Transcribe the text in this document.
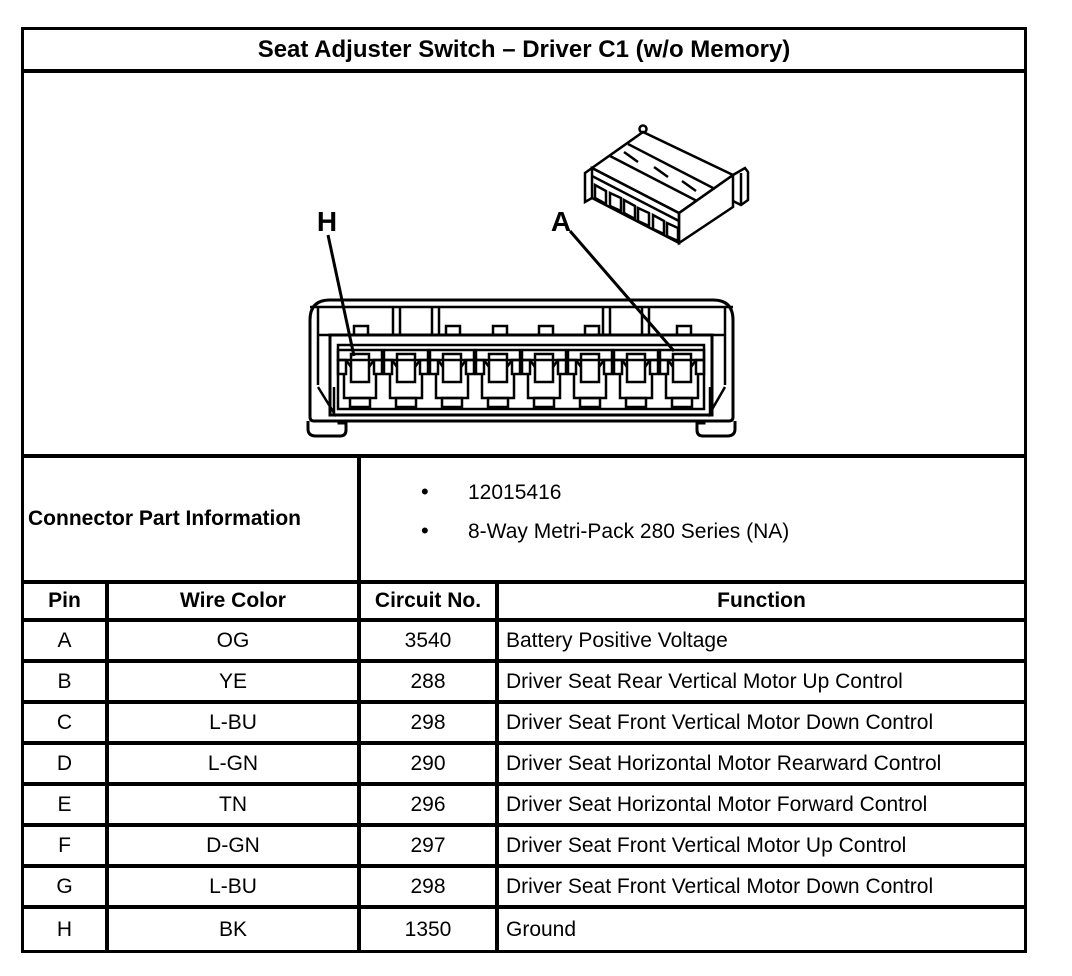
Seat Adjuster Switch – Driver C1 (w/o Memory)
H	A
Connector Part Information
•	12015416
•	8-Way Metri-Pack 280 Series (NA)
Pin	Wire Color	Circuit No.	Function
A	OG	3540	Battery Positive Voltage
B	YE	288	Driver Seat Rear Vertical Motor Up Control
C	L-BU	298	Driver Seat Front Vertical Motor Down Control
D	L-GN	290	Driver Seat Horizontal Motor Rearward Control
E	TN	296	Driver Seat Horizontal Motor Forward Control
F	D-GN	297	Driver Seat Front Vertical Motor Up Control
G	L-BU	298	Driver Seat Front Vertical Motor Down Control
H	BK	1350	Ground
